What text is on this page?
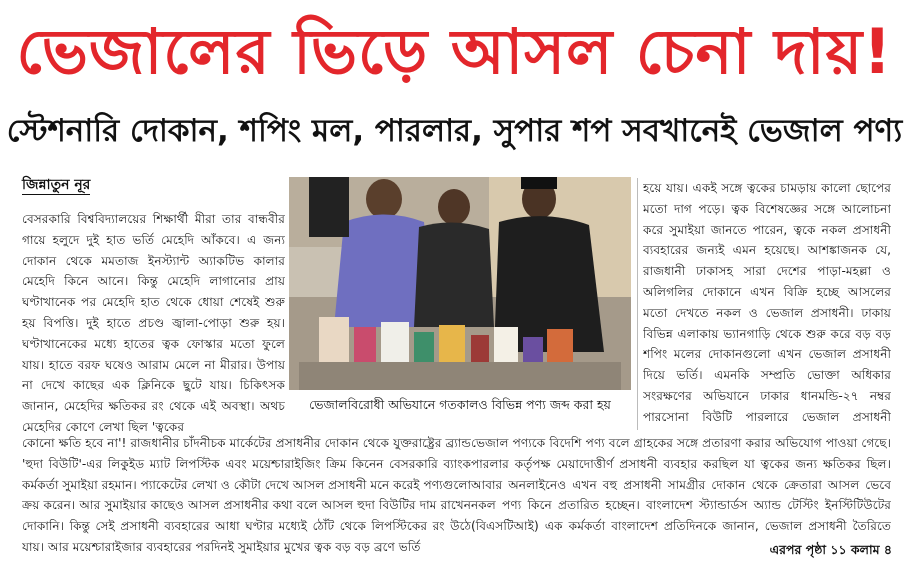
ভেজালের ভিড়ে আসল চেনা দায়!
স্টেশনারি দোকান, শপিং মল, পারলার, সুপার শপ সবখানেই ভেজাল পণ্য
জিন্নাতুন নূর
বেসরকারি বিশ্ববিদ্যালয়ের শিক্ষার্থী মীরা তার বান্ধবীর গায়ে হলুদে দুই হাত ভর্তি মেহেদি আঁকবে। এ জন্য দোকান থেকে মমতাজ ইনস্ট্যান্ট অ্যাকটিভ কালার মেহেদি কিনে আনে। কিন্তু মেহেদি লাগানোর প্রায় ঘণ্টাখানেক পর মেহেদি হাত থেকে ধোয়া শেষেই শুরু হয় বিপত্তি। দুই হাতে প্রচণ্ড জ্বালা-পোড়া শুরু হয়। ঘণ্টাখানেকের মধ্যে হাতের ত্বক ফোস্কার মতো ফুলে যায়। হাতে বরফ ঘষেও আরাম মেলে না মীরার। উপায় না দেখে কাছের এক ক্লিনিকে ছুটে যায়। চিকিৎসক জানান, মেহেদির ক্ষতিকর রং থেকে এই অবস্থা। অথচ মেহেদির কোণে লেখা ছিল 'ত্বকের
ভেজালবিরোধী অভিযানে গতকালও বিভিন্ন পণ্য জব্দ করা হয়
হয়ে যায়। একই সঙ্গে ত্বকের চামড়ায় কালো ছোপের মতো দাগ পড়ে। ত্বক বিশেষজ্ঞের সঙ্গে আলোচনা করে সুমাইয়া জানতে পারেন, ত্বকে নকল প্রসাধনী ব্যবহারের জন্যই এমন হয়েছে। আশঙ্কাজনক যে, রাজধানী ঢাকাসহ সারা দেশের পাড়া-মহল্লা ও অলিগলির দোকানে এখন বিক্রি হচ্ছে আসলের মতো দেখতে নকল ও ভেজাল প্রসাধনী। ঢাকায় বিভিন্ন এলাকায় ভ্যানগাড়ি থেকে শুরু করে বড় বড় শপিং মলের দোকানগুলো এখন ভেজাল প্রসাধনী দিয়ে ভর্তি। এমনকি সম্প্রতি ভোক্তা অধিকার সংরক্ষণের অভিযানে ঢাকার ধানমন্ডি-২৭ নম্বর পারসোনা বিউটি পারলারে ভেজাল প্রসাধনী
কোনো ক্ষতি হবে না'! রাজধানীর চাঁদনীচক মার্কেটের প্রসাধনীর দোকান থেকে যুক্তরাষ্ট্রের ব্র্যান্ড 'হুদা বিউটি'-এর লিকুইড ম্যাট লিপস্টিক এবং ময়েশ্চারাইজিং ক্রিম কিনেন বেসরকারি ব্যাংক কর্মকর্তা সুমাইয়া রহমান। প্যাকেটের লেখা ও কৌটা দেখে আসল প্রসাধনী মনে করেই পণ্যগুলো ক্রয় করেন। আর সুমাইয়ার কাছেও আসল প্রসাধনীর কথা বলে আসল হুদা বিউটির দাম রাখেন দোকানি। কিন্তু সেই প্রসাধনী ব্যবহারের আধা ঘণ্টার মধ্যেই ঠোঁট থেকে লিপস্টিকের রং উঠে যায়। আর ময়েশ্চারাইজার ব্যবহারের পরদিনই সুমাইয়ার মুখের ত্বক বড় বড় ব্রণে ভর্তি
ভেজাল পণ্যকে বিদেশি পণ্য বলে গ্রাহকের সঙ্গে প্রতারণা করার অভিযোগ পাওয়া গেছে। পারলার কর্তৃপক্ষ মেয়াদোত্তীর্ণ প্রসাধনী ব্যবহার করছিল যা ত্বকের জন্য ক্ষতিকর ছিল। আবার অনলাইনেও এখন বহু প্রসাধনী সামগ্রীর দোকান থেকে ক্রেতারা আসল ভেবে নকল পণ্য কিনে প্রতারিত হচ্ছেন। বাংলাদেশ স্ট্যান্ডার্ডস অ্যান্ড টেস্টিং ইনস্টিটিউটের (বিএসটিআই) এক কর্মকর্তা বাংলাদেশ প্রতিদিনকে জানান, ভেজাল প্রসাধনী তৈরিতে
এরপর পৃষ্ঠা ১১ কলাম ৪
